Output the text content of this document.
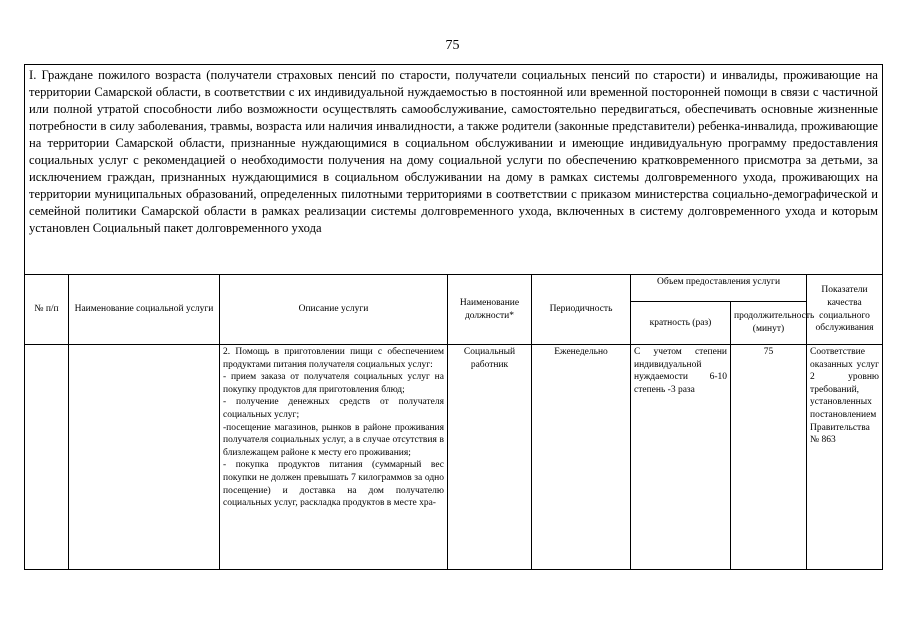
75
I. Граждане пожилого возраста (получатели страховых пенсий по старости, получатели социальных пенсий по старости) и инвалиды, проживающие на территории Самарской области, в соответствии с их индивидуальной нуждаемостью в постоянной или временной посторонней помощи в связи с частичной или полной утратой способности либо возможности осуществлять самообслуживание, самостоятельно передвигаться, обеспечивать основные жизненные потребности в силу заболевания, травмы, возраста или наличия инвалидности, а также родители (законные представители) ребенка-инвалида, проживающие на территории Самарской области, признанные нуждающимися в социальном обслуживании и имеющие индивидуальную программу предоставления социальных услуг с рекомендацией о необходимости получения на дому социальной услуги по обеспечению кратковременного присмотра за детьми, за исключением граждан, признанных нуждающимися в социальном обслуживании на дому в рамках системы долговременного ухода, проживающих на территории муниципальных образований, определенных пилотными территориями в соответствии с приказом министерства социально-демографической и семейной политики Самарской области в рамках реализации системы долговременного ухода, включенных в систему долговременного ухода и которым установлен Социальный пакет долговременного ухода							
№ п/п	Наименование социальной услуги	Описание услуги	Наименование должности*	Периодичность	Объем предоставления услуги		Показатели качества социального обслуживания
					кратность (раз)	продолжительность (минут)	

		2. Помощь в приготовлении пищи с обеспечением продуктами питания получателя социальных услуг:
- прием заказа от получателя социальных услуг на покупку продуктов для приготовления блюд;
- получение денежных средств от получателя социальных услуг;
-посещение магазинов, рынков в районе проживания получателя социальных услуг, а в случае отсутствия в близлежащем районе к месту его проживания;
- покупка продуктов питания (суммарный вес покупки не должен превышать 7 килограммов за одно посещение) и доставка на дом получателю социальных услуг, раскладка продуктов в месте хра-	Социальный работник	Еженедельно	С учетом степени индивидуальной нуждаемости 6-10 степень -3 раза	75	Соответствие оказанных услуг 2 уровню требований, установленных постановлением Правительства № 863
